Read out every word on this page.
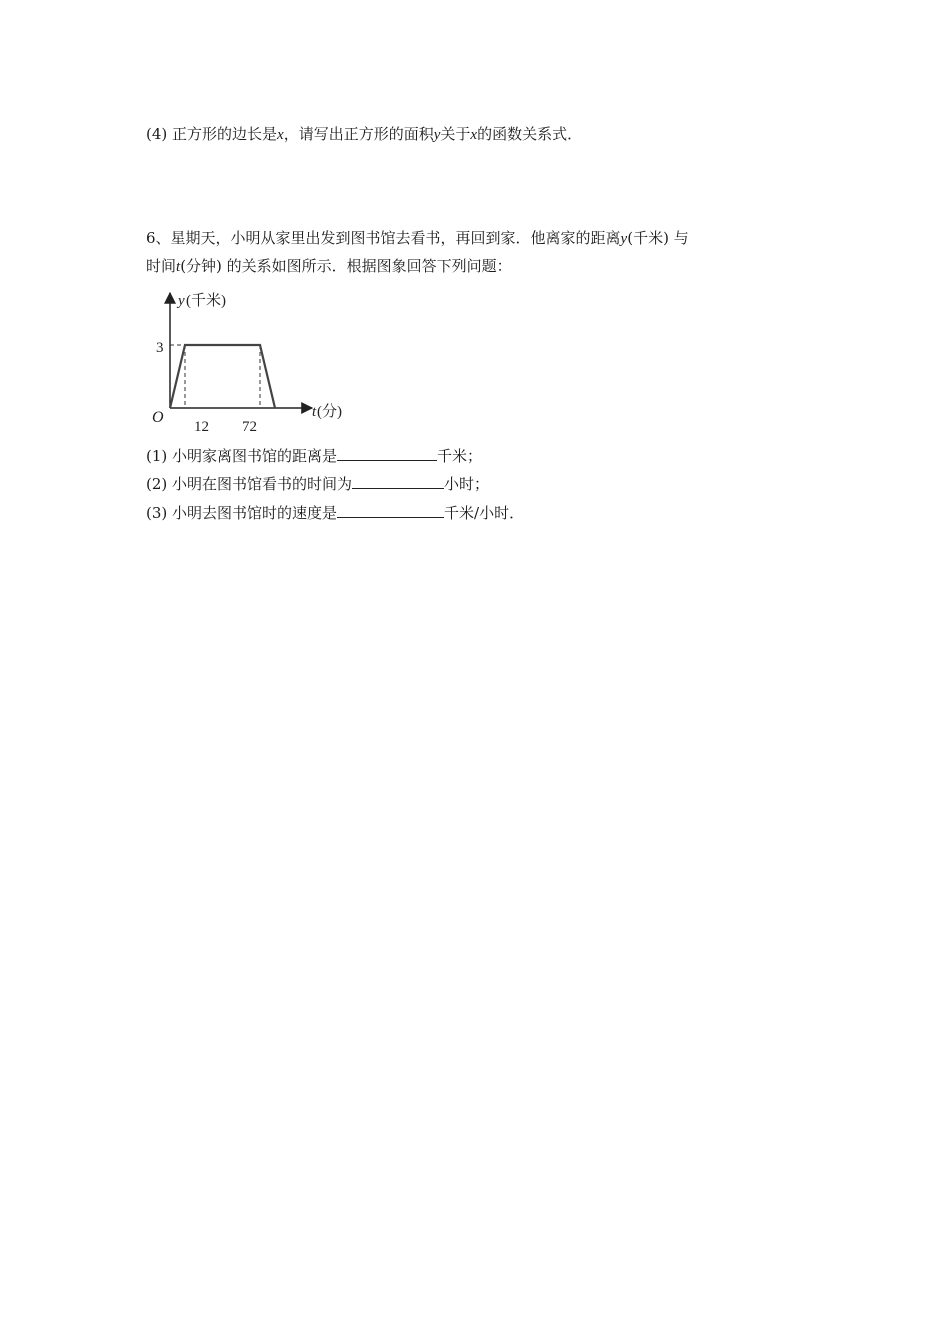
(4) 正方形的边长是x，请写出正方形的面积y关于x的函数关系式．
6、星期天，小明从家里出发到图书馆去看书，再回到家．他离家的距离y(千米) 与
时间t(分钟) 的关系如图所示．根据图象回答下列问题：
y (千米)
t (分)
O
3
12 72
(1) 小明家离图书馆的距离是	千米；
(2) 小明在图书馆看书的时间为	小时；
(3) 小明去图书馆时的速度是	千米/小时．
